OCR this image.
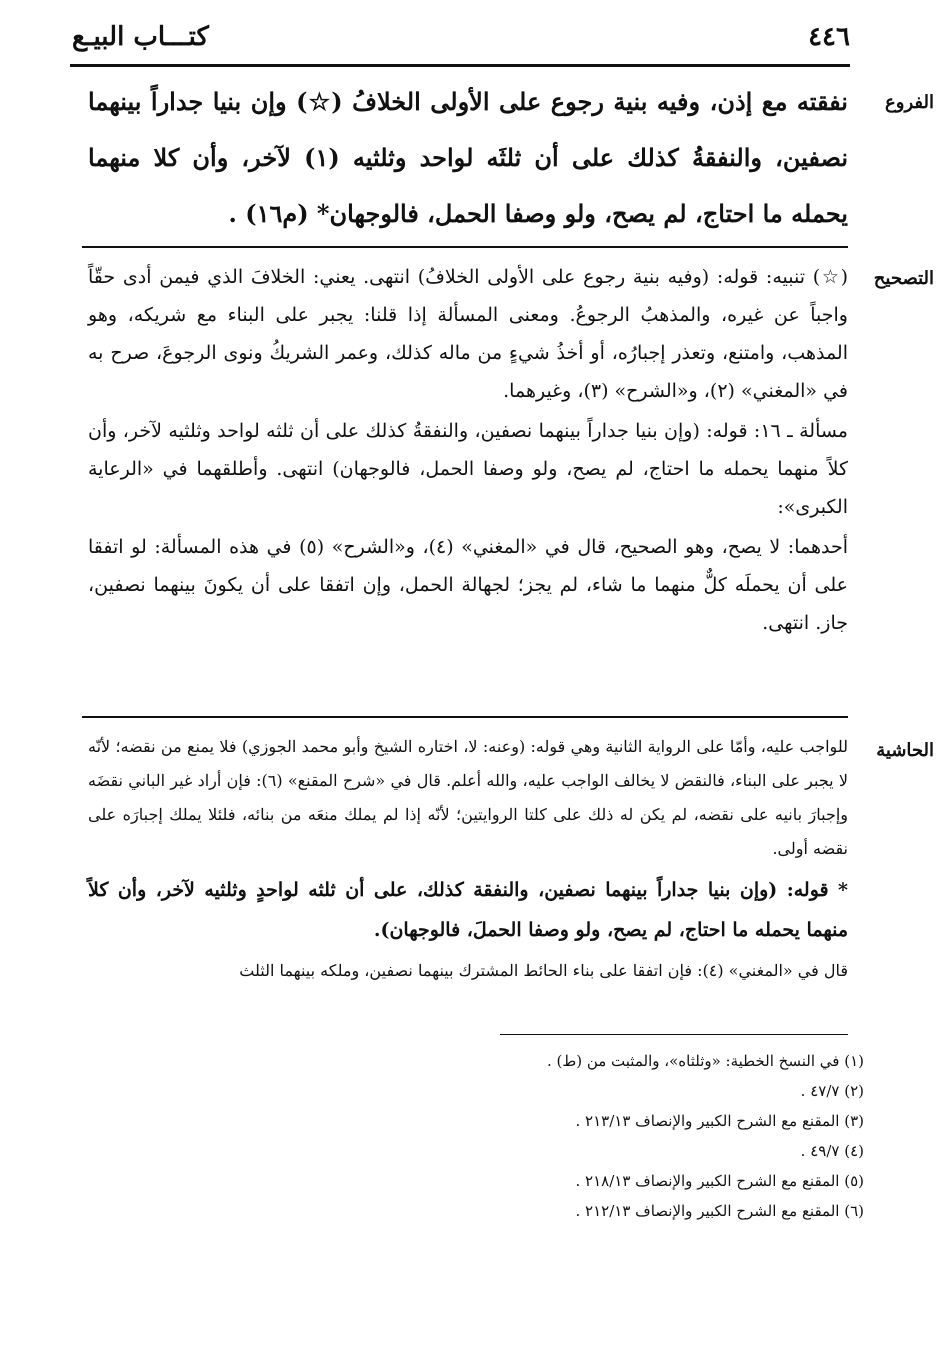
٤٤٦
كتـــاب البيـع
الفروع
نفقته مع إذن، وفيه بنية رجوع على الأولى الخلافُ (☆) وإن بنيا جداراً بينهما نصفين، والنفقةُ كذلك على أن ثلثَه لواحد وثلثيه (١) لآخر، وأن كلا منهما يحمله ما احتاج، لم يصح، ولو وصفا الحمل، فالوجهان* (م١٦) .
التصحيح

(☆) تنبيه: قوله: (وفيه بنية رجوع على الأولى الخلافُ) انتهى. يعني: الخلافَ الذي فيمن أدى حقّاً واجباً عن غيره، والمذهبُ الرجوعُ. ومعنى المسألة إذا قلنا: يجبر على البناء مع شريكه، وهو المذهب، وامتنع، وتعذر إجبارُه، أو أخذُ شيءٍ من ماله كذلك، وعمر الشريكُ ونوى الرجوعَ، صرح به في «المغني» (٢)، و«الشرح» (٣)، وغيرهما.

مسألة ـ ١٦: قوله: (وإن بنيا جداراً بينهما نصفين، والنفقةُ كذلك على أن ثلثه لواحد وثلثيه لآخر، وأن كلاً منهما يحمله ما احتاج، لم يصح، ولو وصفا الحمل، فالوجهان) انتهى. وأطلقهما في «الرعاية الكبرى»:

أحدهما: لا يصح، وهو الصحيح، قال في «المغني» (٤)، و«الشرح» (٥) في هذه المسألة: لو اتفقا على أن يحملَه كلٌّ منهما ما شاء، لم يجز؛ لجهالة الحمل، وإن اتفقا على أن يكونَ بينهما نصفين، جاز. انتهى.

الحاشية

للواجب عليه، وأمّا على الرواية الثانية وهي قوله: (وعنه: لا، اختاره الشيخ وأبو محمد الجوزي) فلا يمنع من نقضه؛ لأنّه لا يجبر على البناء، فالنقض لا يخالف الواجب عليه، والله أعلم. قال في «شرح المقنع» (٦): فإن أراد غير الباني نقضَه وإجبارَ بانيه على نقضه، لم يكن له ذلك على كلتا الروايتين؛ لأنّه إذا لم يملك منعَه من بنائه، فلئلا يملك إجبارَه على نقضه أولى.

* قوله: (وإن بنيا جداراً بينهما نصفين، والنفقة كذلك، على أن ثلثه لواحدٍ وثلثيه لآخر، وأن كلاً منهما يحمله ما احتاج، لم يصح، ولو وصفا الحملَ، فالوجهان).

قال في «المغني» (٤): فإن اتفقا على بناء الحائط المشترك بينهما نصفين، وملكه بينهما الثلث

(١) في النسخ الخطية: «وثلثاه»، والمثبت من (ط) .

(٢) ٤٧/٧ .

(٣) المقنع مع الشرح الكبير والإنصاف ٢١٣/١٣ .

(٤) ٤٩/٧ .

(٥) المقنع مع الشرح الكبير والإنصاف ٢١٨/١٣ .

(٦) المقنع مع الشرح الكبير والإنصاف ٢١٢/١٣ .
